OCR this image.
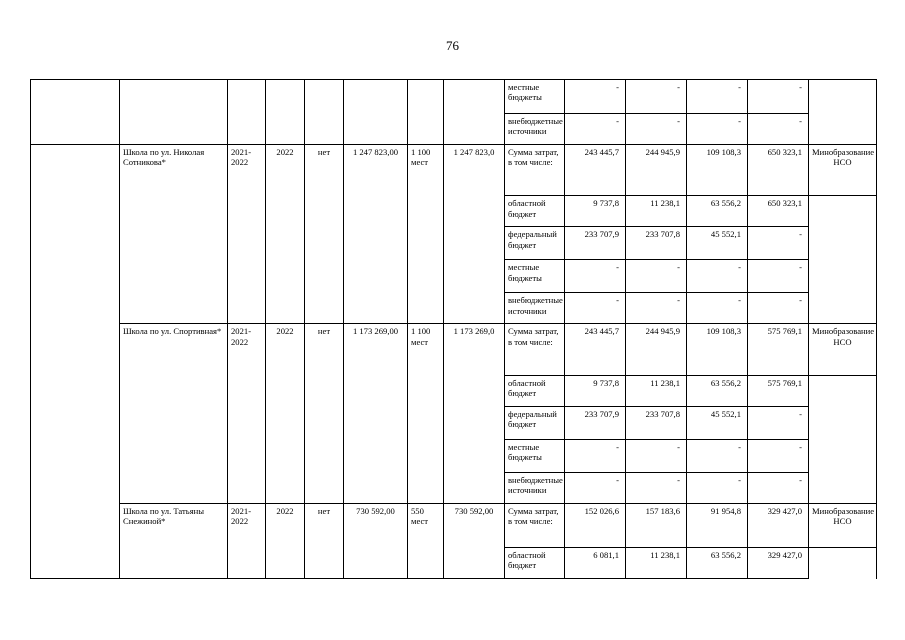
76
								местные бюджеты	-	-	-	-	
								внебюджетные источники	-	-	-	-	
	Школа по ул. Николая Сотникова*	2021-2022	2022	нет	1 247 823,00	1 100 мест	1 247 823,0	Сумма затрат, в том числе:	243 445,7	244 945,9	109 108,3	650 323,1	Минобразование НСО
								областной бюджет	9 737,8	11 238,1	63 556,2	650 323,1	
								федеральный бюджет	233 707,9	233 707,8	45 552,1	-	
								местные бюджеты	-	-	-	-	
								внебюджетные источники	-	-	-	-	
	Школа по ул. Спортивная*	2021-2022	2022	нет	1 173 269,00	1 100 мест	1 173 269,0	Сумма затрат, в том числе:	243 445,7	244 945,9	109 108,3	575 769,1	Минобразование НСО
								областной бюджет	9 737,8	11 238,1	63 556,2	575 769,1	
								федеральный бюджет	233 707,9	233 707,8	45 552,1	-	
								местные бюджеты	-	-	-	-	
								внебюджетные источники	-	-	-	-	
	Школа по ул. Татьяны Снежиной*	2021-2022	2022	нет	730 592,00	550 мест	730 592,00	Сумма затрат, в том числе:	152 026,6	157 183,6	91 954,8	329 427,0	Минобразование НСО
								областной бюджет	6 081,1	11 238,1	63 556,2	329 427,0	
